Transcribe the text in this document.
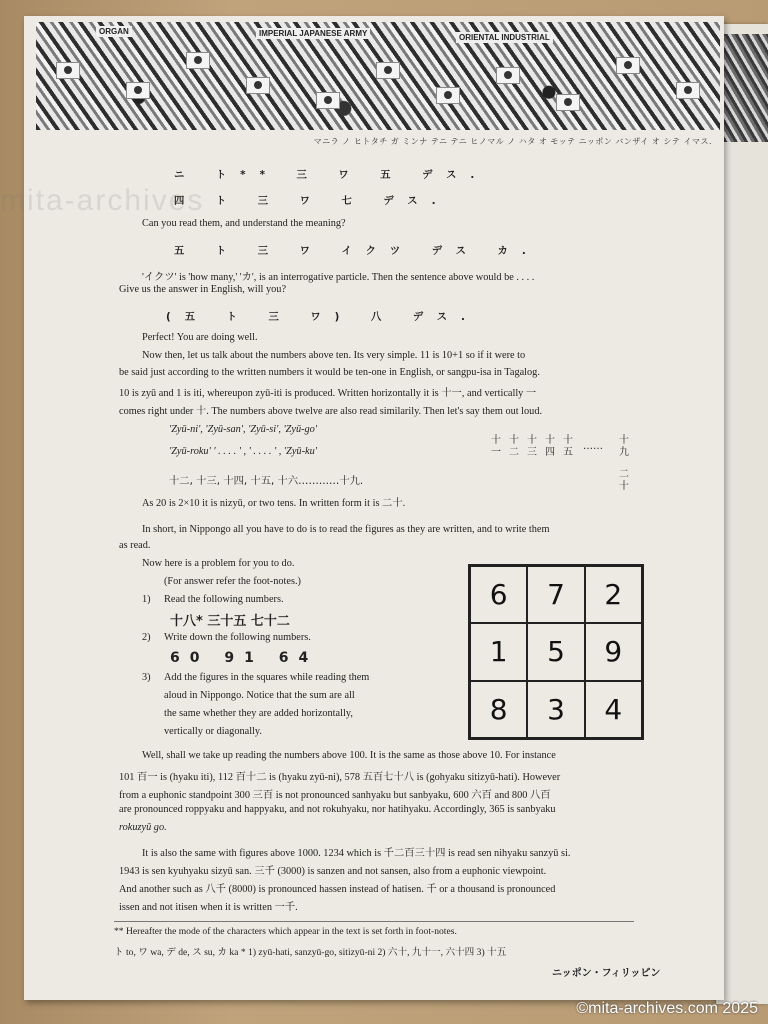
ORGAN	IMPERIAL JAPANESE ARMY	ORIENTAL INDUSTRIAL
マニラ ノ ヒトタチ ガ ミンナ テニ テニ ヒノマル ノ ハタ オ モッテ ニッポン バンザイ オ シテ イマス.
ニ ト** 三 ワ 五 デス.
四 ト 三 ワ 七 デス.
Can you read them, and understand the meaning?
五 ト 三 ワ イクツ デス カ.
'イクツ' is 'how many,' 'カ', is an interrogative particle. Then the sentence above would be . . . .
Give us the answer in English, will you?
(五 ト 三 ワ) 八 デス.
Perfect! You are doing well.
Now then, let us talk about the numbers above ten. Its very simple. 11 is 10+1 so if it were to
be said just according to the written numbers it would be ten-one in English, or sangpu-isa in Tagalog.
10 is zyū and 1 is iti, whereupon zyū-iti is produced. Written horizontally it is 十一, and vertically 一
comes right under 十. The numbers above twelve are also read similarily. Then let's say them out loud.
'Zyū-ni', 'Zyū-san', 'Zyū-si', 'Zyū-go'
'Zyū-roku' ' . . . . ' , ' . . . . ' , 'Zyū-ku'
十二, 十三, 十四, 十五, 十六…………十九.
十
一
十
二
十
三
十
四
十
五
……
十
九
二
十
As 20 is 2×10 it is nizyū, or two tens. In written form it is 二十.
In short, in Nippongo all you have to do is to read the figures as they are written, and to write them
as read.
Now here is a problem for you to do.
(For answer refer the foot-notes.)
1) Read the following numbers.
十八* 三十五 七十二
2) Write down the following numbers.
60 91 64
3) Add the figures in the squares while reading them
aloud in Nippongo. Notice that the sum are all
the same whether they are added horizontally,
vertically or diagonally.
6	7	2
1	5	9
8	3	4
Well, shall we take up reading the numbers above 100. It is the same as those above 10. For instance
101 百一 is (hyaku iti), 112 百十二 is (hyaku zyū-ni), 578 五百七十八 is (gohyaku sitizyū-hati). However
from a euphonic standpoint 300 三百 is not pronounced sanhyaku but sanbyaku, 600 六百 and 800 八百
are pronounced roppyaku and happyaku, and not rokuhyaku, nor hatihyaku. Accordingly, 365 is sanbyaku
rokuzyū go.
It is also the same with figures above 1000. 1234 which is 千二百三十四 is read sen nihyaku sanzyū si.
1943 is sen kyuhyaku sizyū san. 三千 (3000) is sanzen and not sansen, also from a euphonic viewpoint.
And another such as 八千 (8000) is pronounced hassen instead of hatisen. 千 or a thousand is pronounced
issen and not itisen when it is written 一千.
** Hereafter the mode of the characters which appear in the text is set forth in foot-notes.
ト to, ワ wa, デ de, ス su, カ ka * 1) zyū-hati, sanzyū-go, sitizyū-ni 2) 六十, 九十一, 六十四 3) 十五
ニッポン・フィリッピン
mita-archives
©mita-archives.com 2025
